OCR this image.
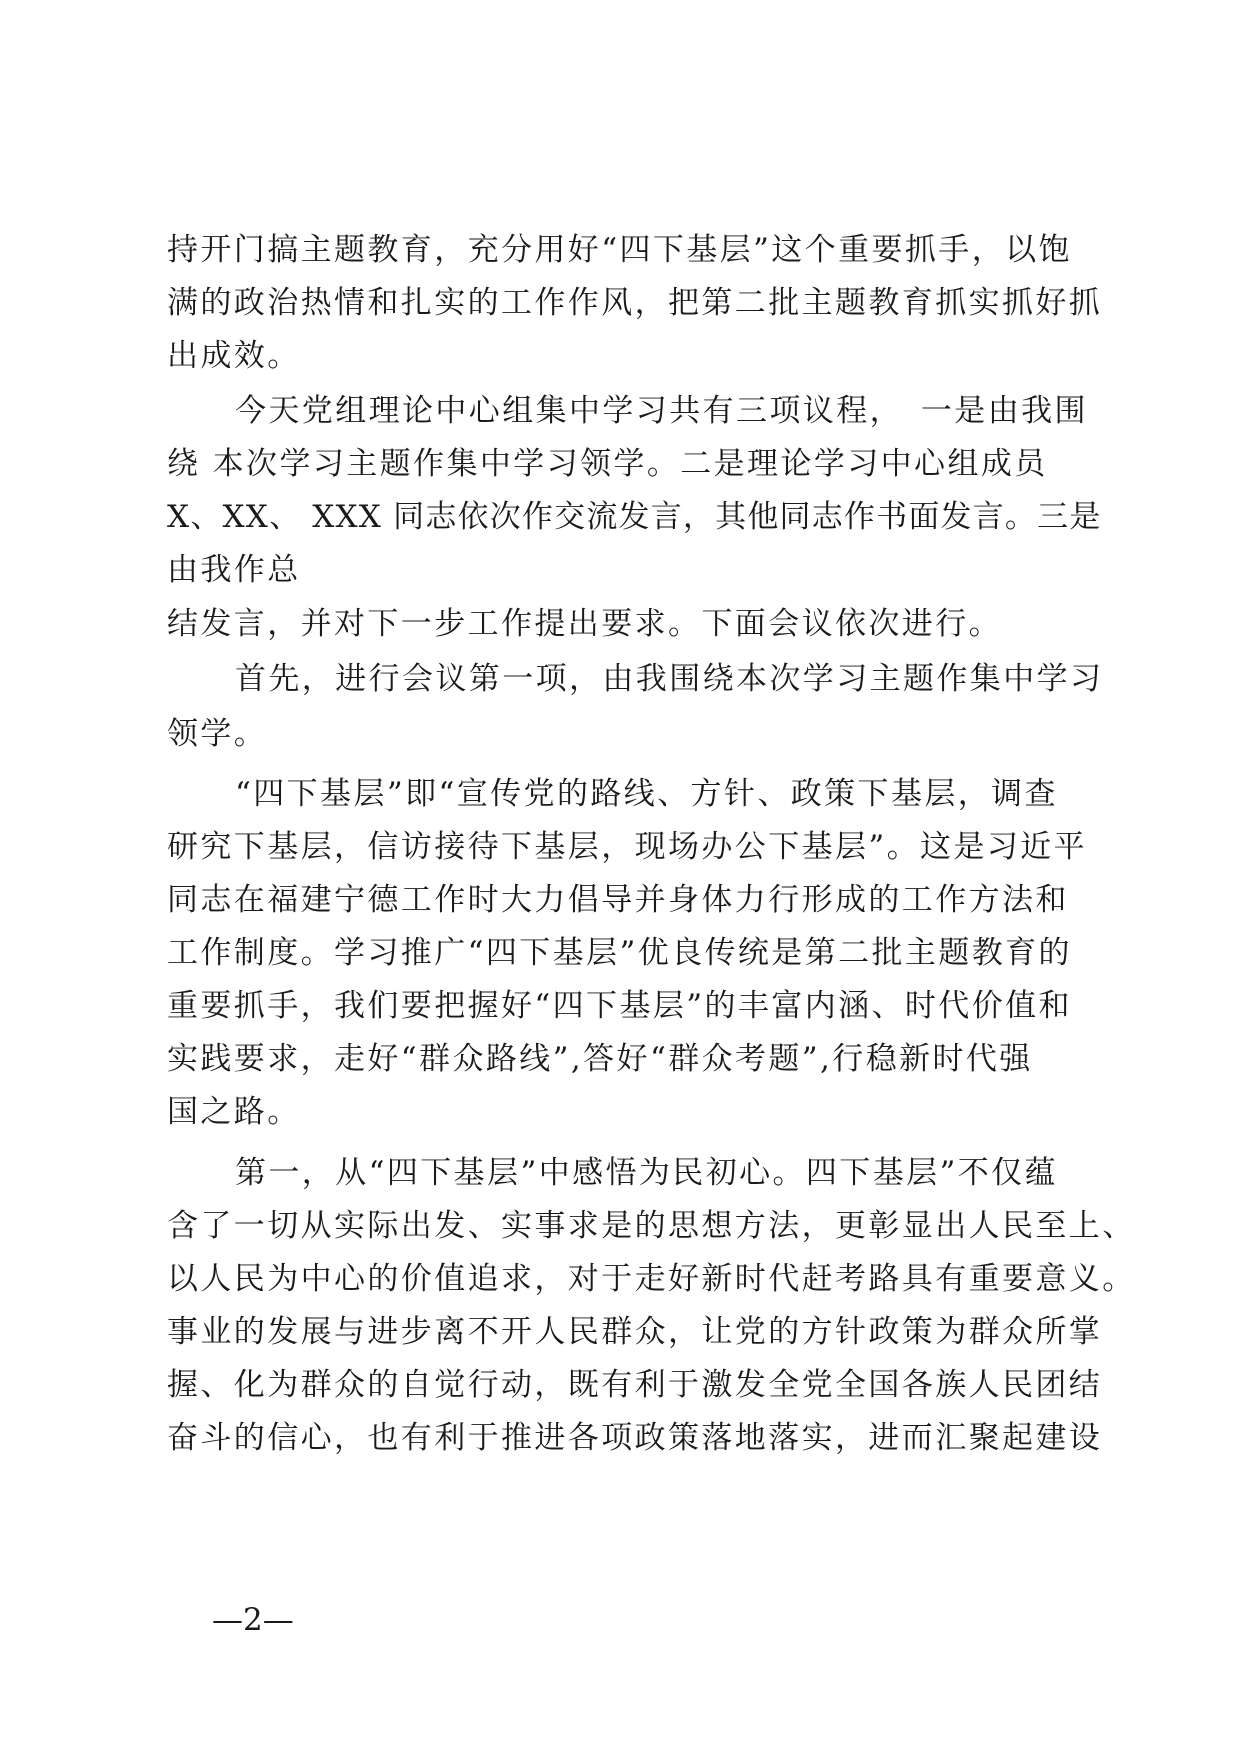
持开门搞主题教育，充分用好“四下基层”这个重要抓手，以饱
满的政治热情和扎实的工作作风，把第二批主题教育抓实抓好抓
出成效。
今天党组理论中心组集中学习共有三项议程，　一是由我围
绕 本次学习主题作集中学习领学。二是理论学习中心组成员
X、XX、 XXX 同志依次作交流发言，其他同志作书面发言。三是
由我作总
结发言，并对下一步工作提出要求。下面会议依次进行。
首先，进行会议第一项，由我围绕本次学习主题作集中学习
领学。
“四下基层”即“宣传党的路线、方针、政策下基层，调查
研究下基层，信访接待下基层，现场办公下基层”。这是习近平
同志在福建宁德工作时大力倡导并身体力行形成的工作方法和
工作制度。学习推广“四下基层”优良传统是第二批主题教育的
重要抓手，我们要把握好“四下基层”的丰富内涵、时代价值和
实践要求，走好“群众路线”,答好“群众考题”,行稳新时代强
国之路。
第一，从“四下基层”中感悟为民初心。四下基层”不仅蕴
含了一切从实际出发、实事求是的思想方法，更彰显出人民至上、
以人民为中心的价值追求，对于走好新时代赶考路具有重要意义。
事业的发展与进步离不开人民群众，让党的方针政策为群众所掌
握、化为群众的自觉行动，既有利于激发全党全国各族人民团结
奋斗的信心，也有利于推进各项政策落地落实，进而汇聚起建设
—2—
